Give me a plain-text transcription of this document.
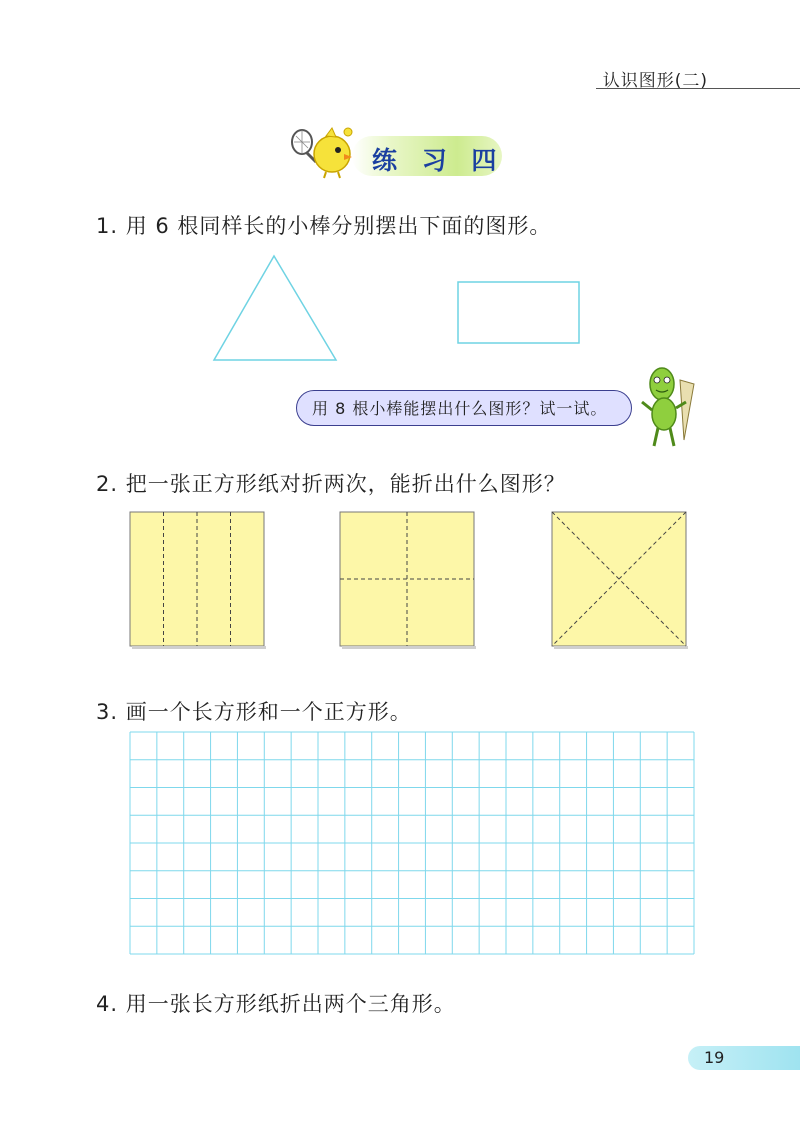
认识图形(二)
练 习 四
1. 用 6 根同样长的小棒分别摆出下面的图形。
用 8 根小棒能摆出什么图形？试一试。
2. 把一张正方形纸对折两次，能折出什么图形？
3. 画一个长方形和一个正方形。
4. 用一张长方形纸折出两个三角形。
19
